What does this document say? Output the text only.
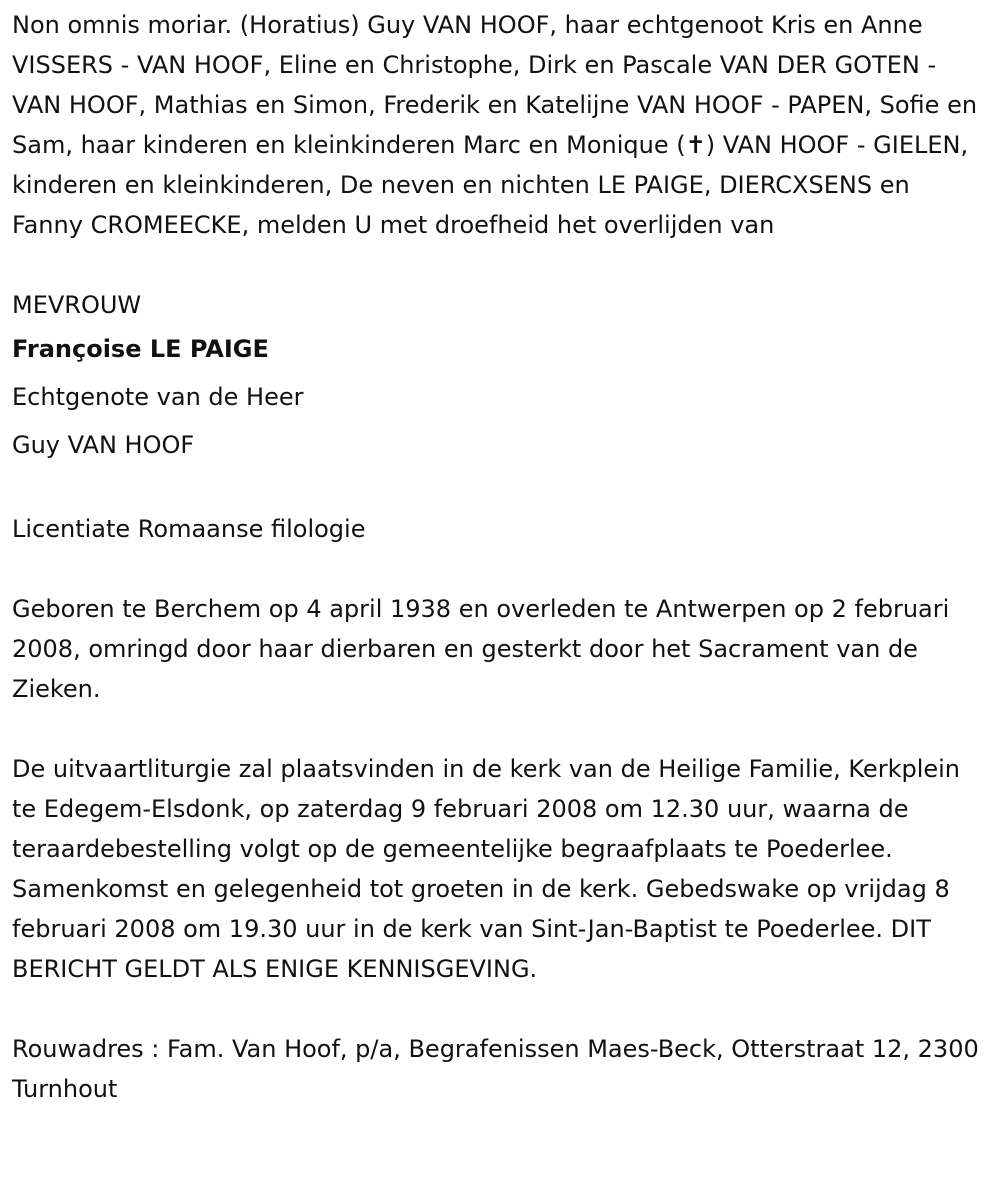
Non omnis moriar. (Horatius) Guy VAN HOOF, haar echtgenoot Kris en Anne VISSERS - VAN HOOF, Eline en Christophe, Dirk en Pascale VAN DER GOTEN - VAN HOOF, Mathias en Simon, Frederik en Katelijne VAN HOOF - PAPEN, Sofie en Sam, haar kinderen en kleinkinderen Marc en Monique (✝) VAN HOOF - GIELEN, kinderen en kleinkinderen, De neven en nichten LE PAIGE, DIERCXSENS en Fanny CROMEECKE, melden U met droefheid het overlijden van

MEVROUW

Françoise LE PAIGE

Echtgenote van de Heer

Guy VAN HOOF

Licentiate Romaanse filologie

Geboren te Berchem op 4 april 1938 en overleden te Antwerpen op 2 februari 2008, omringd door haar dierbaren en gesterkt door het Sacrament van de Zieken.

De uitvaartliturgie zal plaatsvinden in de kerk van de Heilige Familie, Kerkplein te Edegem-Elsdonk, op zaterdag 9 februari 2008 om 12.30 uur, waarna de teraardebestelling volgt op de gemeentelijke begraafplaats te Poederlee. Samenkomst en gelegenheid tot groeten in de kerk. Gebedswake op vrijdag 8 februari 2008 om 19.30 uur in de kerk van Sint-Jan-Baptist te Poederlee. DIT BERICHT GELDT ALS ENIGE KENNISGEVING.

Rouwadres : Fam. Van Hoof, p/a, Begrafenissen Maes-Beck, Otterstraat 12, 2300 Turnhout
